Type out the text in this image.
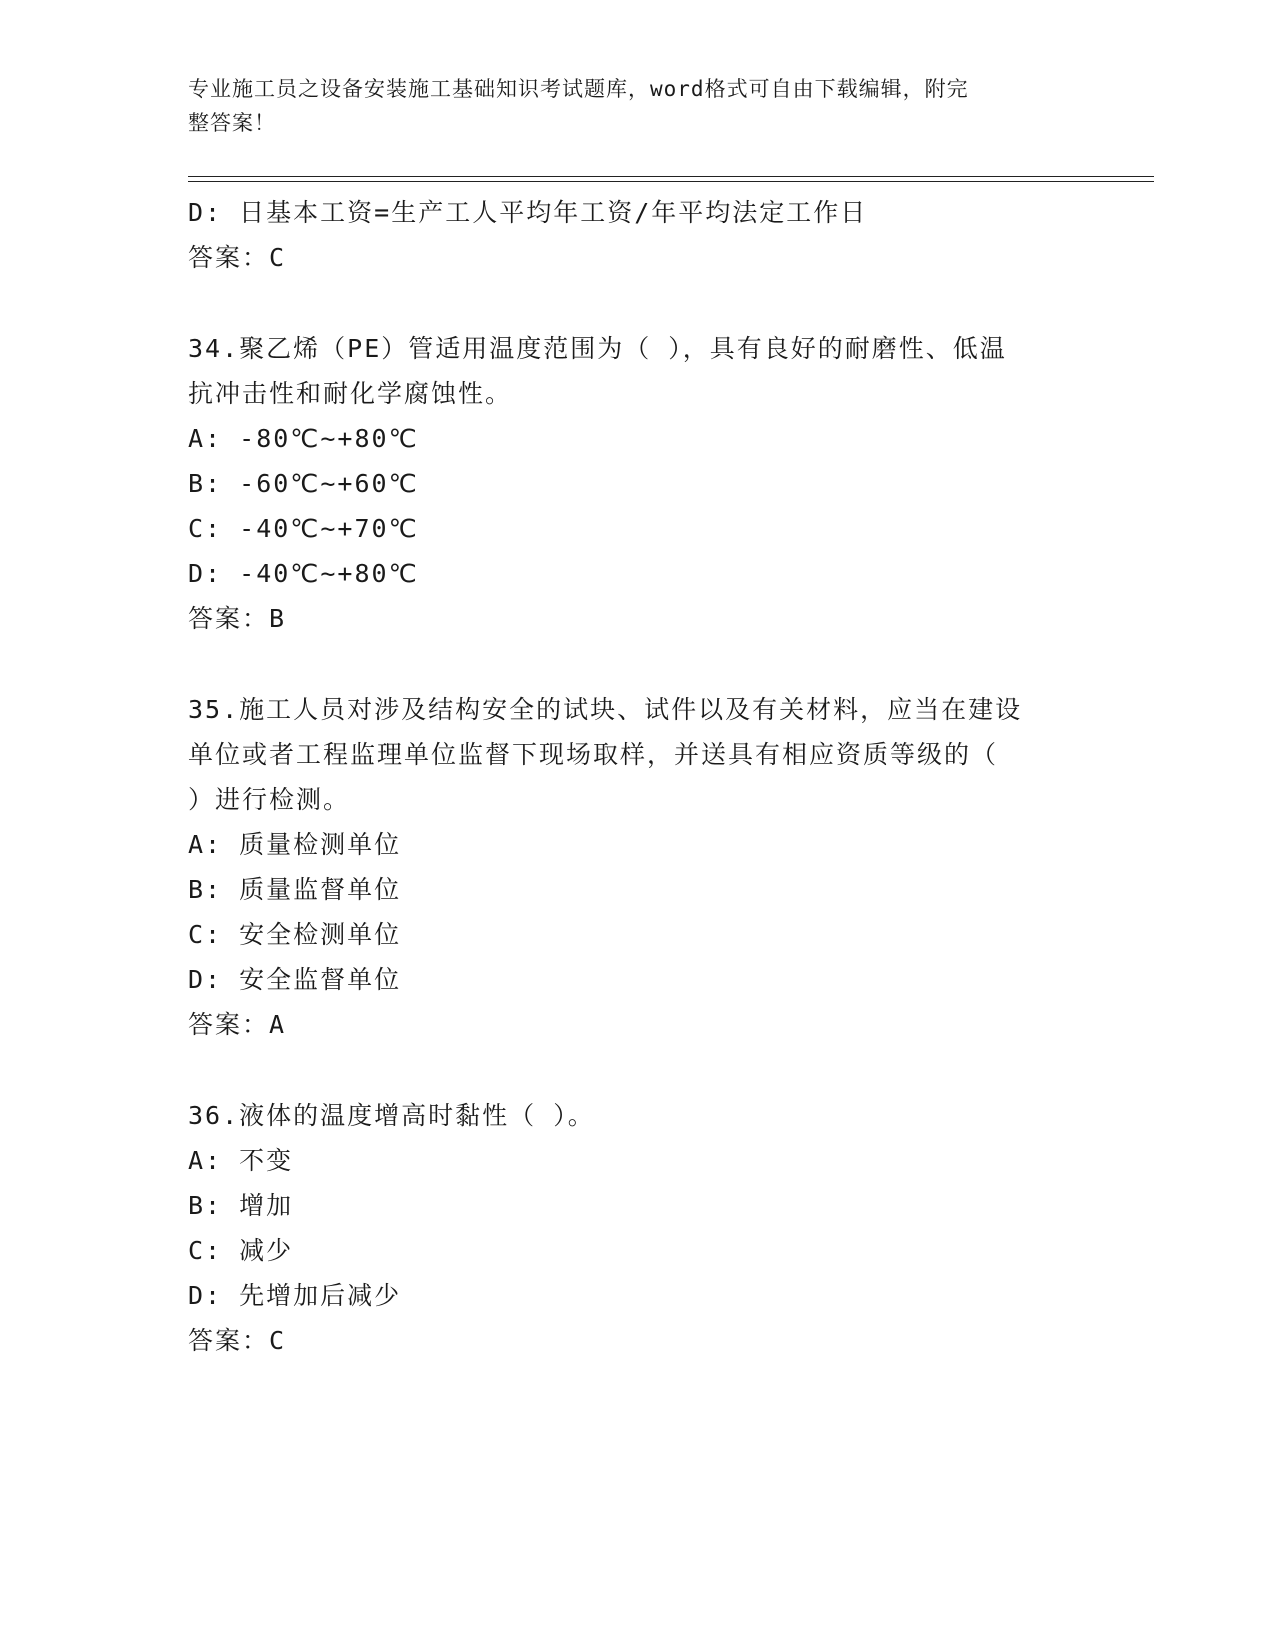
专业施工员之设备安装施工基础知识考试题库，word格式可自由下载编辑，附完
整答案！
D: 日基本工资=生产工人平均年工资/年平均法定工作日
答案：C
34.聚乙烯（PE）管适用温度范围为（ ），具有良好的耐磨性、低温
抗冲击性和耐化学腐蚀性。
A: -80℃~+80℃
B: -60℃~+60℃
C: -40℃~+70℃
D: -40℃~+80℃
答案：B
35.施工人员对涉及结构安全的试块、试件以及有关材料，应当在建设
单位或者工程监理单位监督下现场取样，并送具有相应资质等级的（
）进行检测。
A: 质量检测单位
B: 质量监督单位
C: 安全检测单位
D: 安全监督单位
答案：A
36.液体的温度增高时黏性（ ）。
A: 不变
B: 增加
C: 减少
D: 先增加后减少
答案：C
